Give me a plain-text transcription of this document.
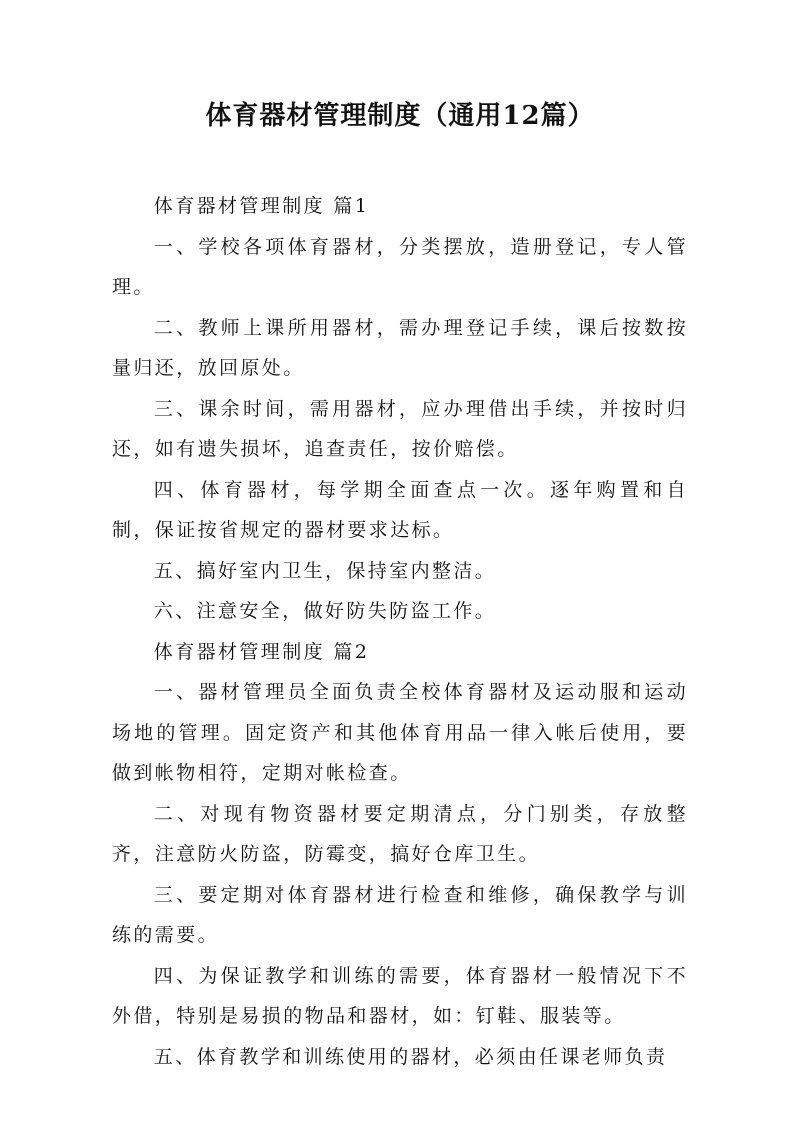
体育器材管理制度（通用12篇）

体育器材管理制度 篇1

一、学校各项体育器材，分类摆放，造册登记，专人管理。

二、教师上课所用器材，需办理登记手续，课后按数按量归还，放回原处。

三、课余时间，需用器材，应办理借出手续，并按时归还，如有遗失损坏，追查责任，按价赔偿。

四、体育器材，每学期全面查点一次。逐年购置和自制，保证按省规定的器材要求达标。

五、搞好室内卫生，保持室内整洁。

六、注意安全，做好防失防盗工作。

体育器材管理制度 篇2

一、器材管理员全面负责全校体育器材及运动服和运动场地的管理。固定资产和其他体育用品一律入帐后使用，要做到帐物相符，定期对帐检查。

二、对现有物资器材要定期清点，分门别类，存放整齐，注意防火防盗，防霉变，搞好仓库卫生。

三、要定期对体育器材进行检查和维修，确保教学与训练的需要。

四、为保证教学和训练的需要，体育器材一般情况下不外借，特别是易损的物品和器材，如：钉鞋、服装等。

五、体育教学和训练使用的器材，必须由任课老师负责
